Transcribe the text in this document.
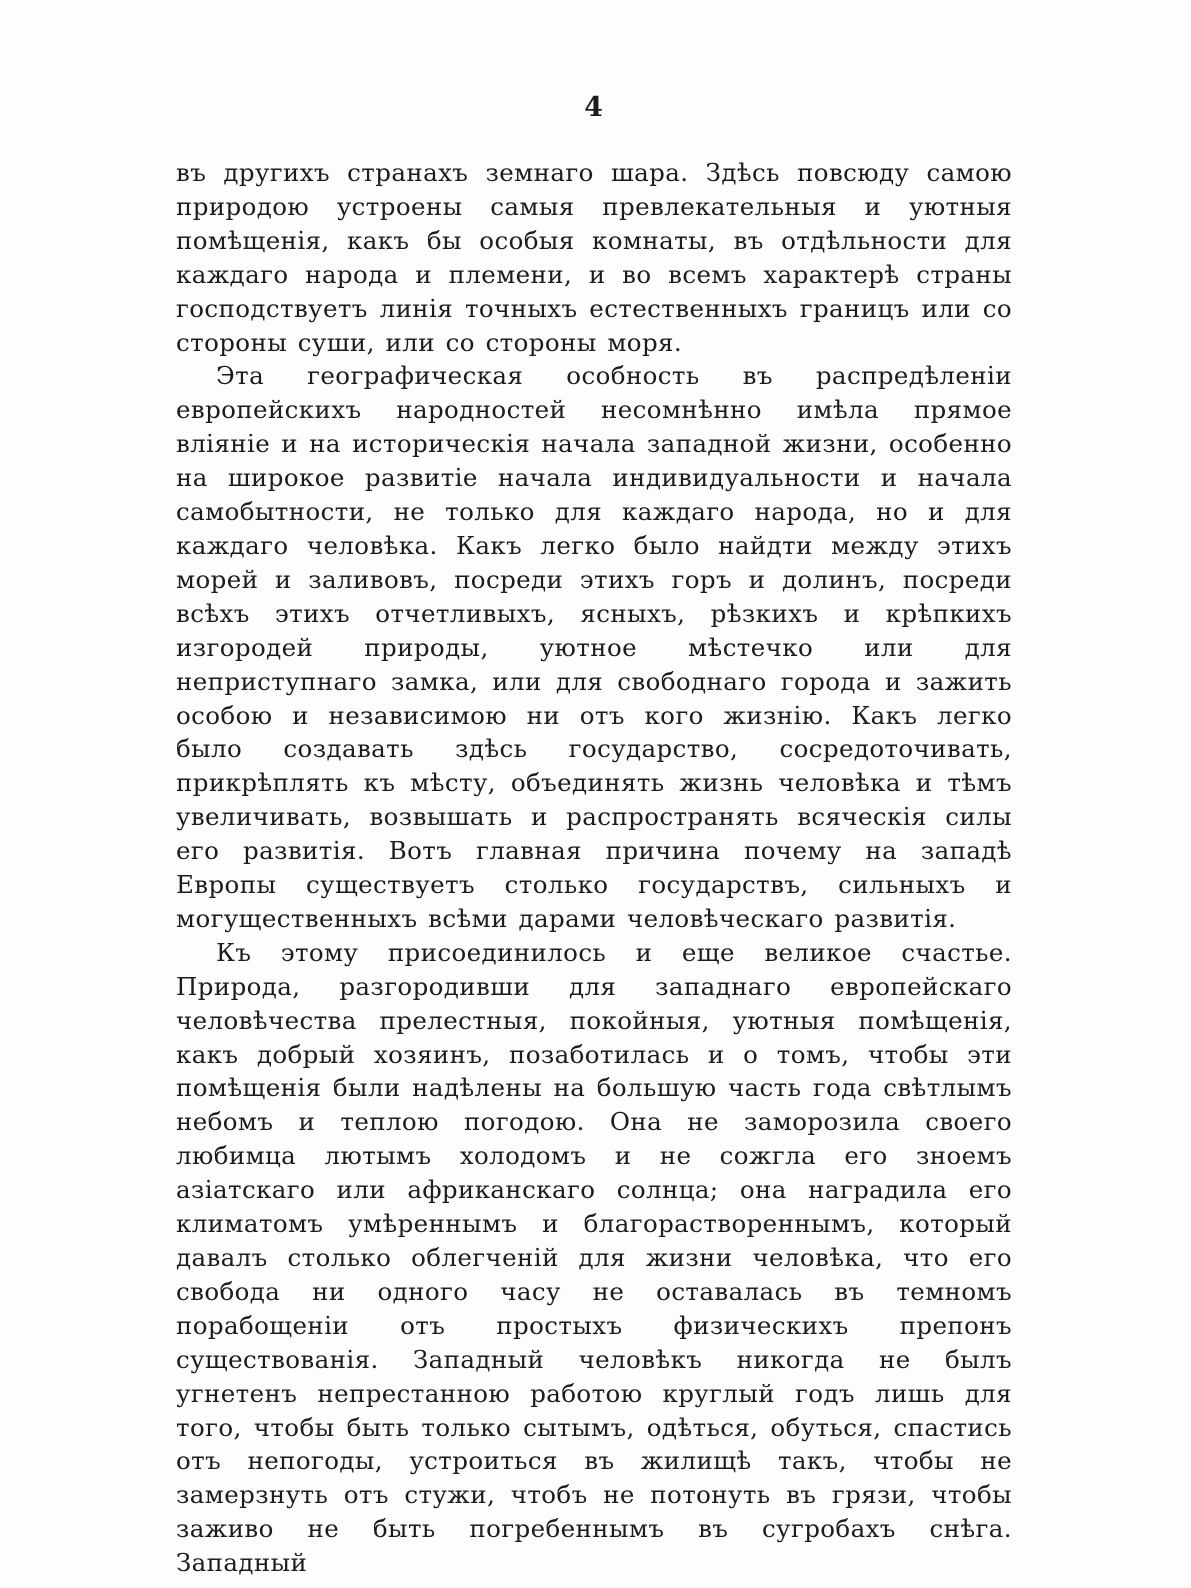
4

въ другихъ странахъ земнаго шара. Здѣсь повсюду самою природою устроены самыя превлекательныя и уютныя помѣщенія, какъ бы особыя комнаты, въ отдѣльности для каждаго народа и племени, и во всемъ характерѣ страны господствуетъ линія точныхъ естественныхъ границъ или со стороны суши, или со стороны моря.

Эта географическая особность въ распредѣленіи европейскихъ народностей несомнѣнно имѣла прямое вліяніе и на историческія начала западной жизни, особенно на широкое развитіе начала индивидуальности и начала самобытности, не только для каждаго народа, но и для каждаго человѣка. Какъ легко было найдти между этихъ морей и заливовъ, посреди этихъ горъ и долинъ, посреди всѣхъ этихъ отчетливыхъ, ясныхъ, рѣзкихъ и крѣпкихъ изгородей природы, уютное мѣстечко или для неприступнаго замка, или для свободнаго города и зажить особою и независимою ни отъ кого жизнію. Какъ легко было создавать здѣсь государство, сосредоточивать, прикрѣплять къ мѣсту, объединять жизнь человѣка и тѣмъ увеличивать, возвышать и распространять всяческія силы его развитія. Вотъ главная причина почему на западѣ Европы существуетъ столько государствъ, сильныхъ и могущественныхъ всѣми дарами человѣческаго развитія.

Къ этому присоединилось и еще великое счастье. Природа, разгородивши для западнаго европейскаго человѣчества прелестныя, покойныя, уютныя помѣщенія, какъ добрый хозяинъ, позаботилась и о томъ, чтобы эти помѣщенія были надѣлены на большую часть года свѣтлымъ небомъ и теплою погодою. Она не заморозила своего любимца лютымъ холодомъ и не сожгла его зноемъ азіатскаго или африканскаго солнца; она наградила его климатомъ умѣреннымъ и благораствореннымъ, который давалъ столько облегченій для жизни человѣка, что его свобода ни одного часу не оставалась въ темномъ порабощеніи отъ простыхъ физическихъ препонъ существованія. Западный человѣкъ никогда не былъ угнетенъ непрестанною работою круглый годъ лишь для того, чтобы быть только сытымъ, одѣться, обуться, спастись отъ непогоды, устроиться въ жилищѣ такъ, чтобы не замерзнуть отъ стужи, чтобъ не потонуть въ грязи, чтобы заживо не быть погребеннымъ въ сугробахъ снѣга. Западный
